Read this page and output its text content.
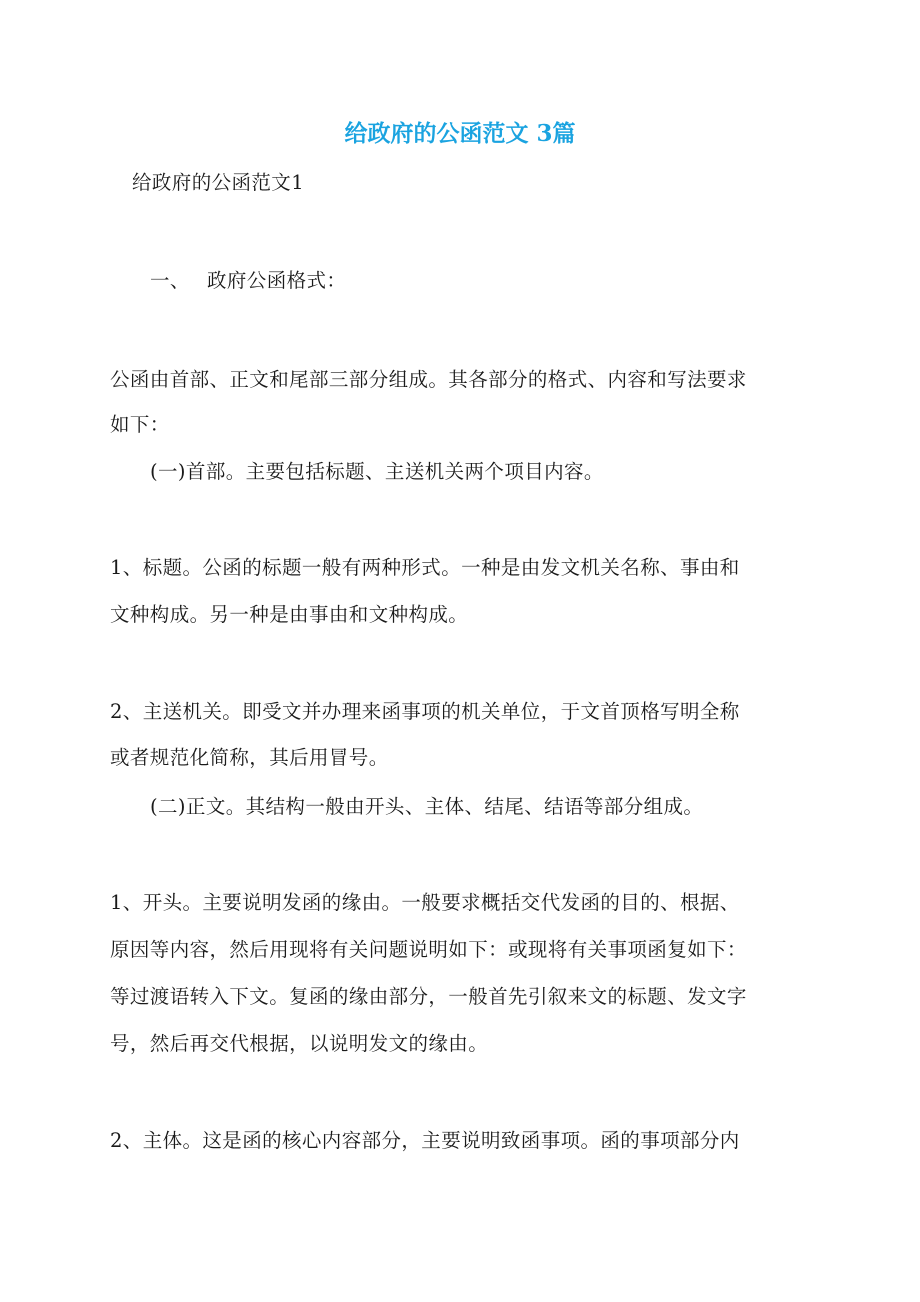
给政府的公函范文 3篇
给政府的公函范文1
一、 政府公函格式：
公函由首部、正文和尾部三部分组成。其各部分的格式、内容和写法要求
如下：
(一)首部。主要包括标题、主送机关两个项目内容。
1、标题。公函的标题一般有两种形式。一种是由发文机关名称、事由和
文种构成。另一种是由事由和文种构成。
2、主送机关。即受文并办理来函事项的机关单位，于文首顶格写明全称
或者规范化简称，其后用冒号。
(二)正文。其结构一般由开头、主体、结尾、结语等部分组成。
1、开头。主要说明发函的缘由。一般要求概括交代发函的目的、根据、
原因等内容，然后用现将有关问题说明如下：或现将有关事项函复如下：
等过渡语转入下文。复函的缘由部分，一般首先引叙来文的标题、发文字
号，然后再交代根据，以说明发文的缘由。
2、主体。这是函的核心内容部分，主要说明致函事项。函的事项部分内
